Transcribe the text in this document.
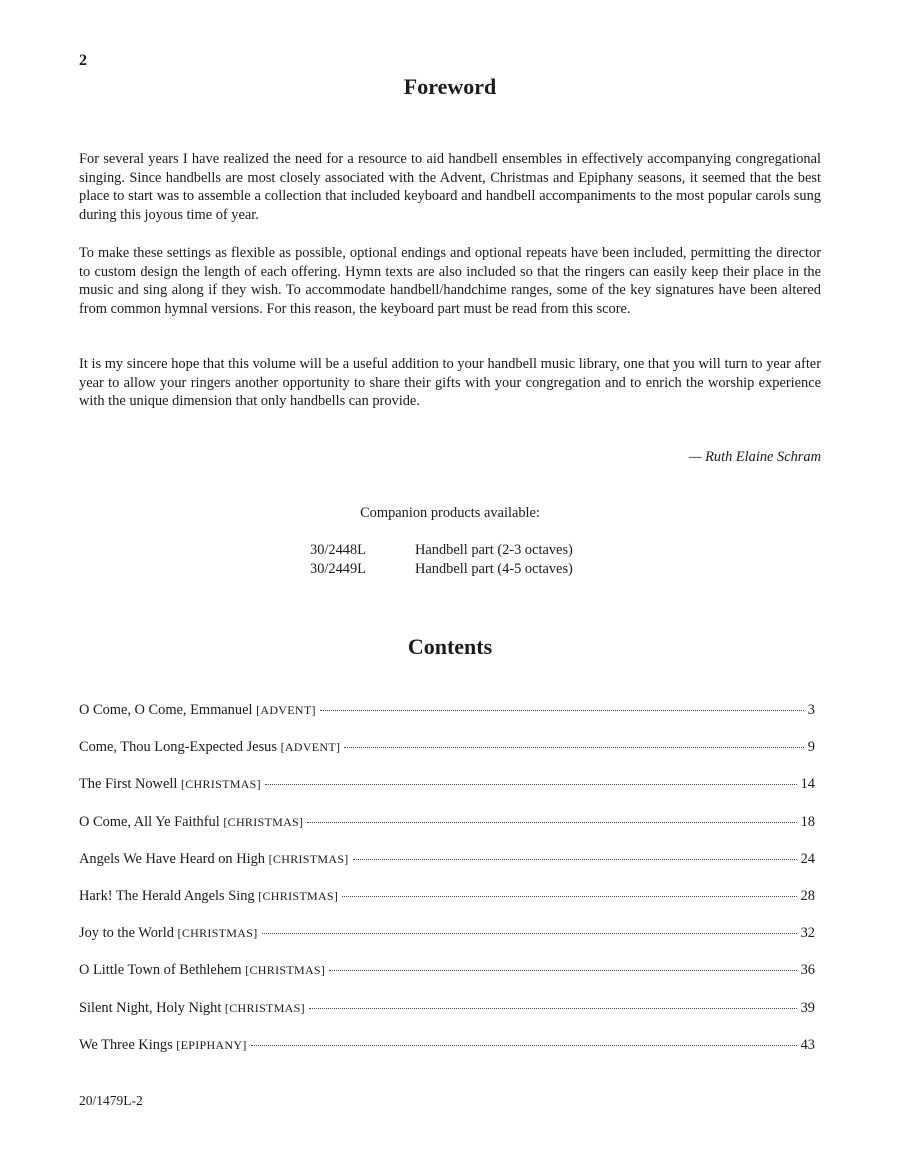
2
Foreword

For several years I have realized the need for a resource to aid handbell ensembles in effectively accompanying congregational singing. Since handbells are most closely associated with the Advent, Christmas and Epiphany seasons, it seemed that the best place to start was to assemble a collection that included keyboard and handbell accompaniments to the most popular carols sung during this joyous time of year.

To make these settings as flexible as possible, optional endings and optional repeats have been included, permitting the director to custom design the length of each offering. Hymn texts are also included so that the ringers can easily keep their place in the music and sing along if they wish. To accommodate handbell/handchime ranges, some of the key signatures have been altered from common hymnal versions. For this reason, the keyboard part must be read from this score.

It is my sincere hope that this volume will be a useful addition to your handbell music library, one that you will turn to year after year to allow your ringers another opportunity to share their gifts with your congregation and to enrich the worship experience with the unique dimension that only handbells can provide.

— Ruth Elaine Schram
Companion products available:
30/2448L	Handbell part (2-3 octaves)
30/2449L	Handbell part (4-5 octaves)
Contents
O Come, O Come, Emmanuel [ADVENT]	3
Come, Thou Long-Expected Jesus [ADVENT]	9
The First Nowell [CHRISTMAS]	14
O Come, All Ye Faithful [CHRISTMAS]	18
Angels We Have Heard on High [CHRISTMAS]	24
Hark! The Herald Angels Sing [CHRISTMAS]	28
Joy to the World [CHRISTMAS]	32
O Little Town of Bethlehem [CHRISTMAS]	36
Silent Night, Holy Night [CHRISTMAS]	39
We Three Kings [EPIPHANY]	43
20/1479L-2
